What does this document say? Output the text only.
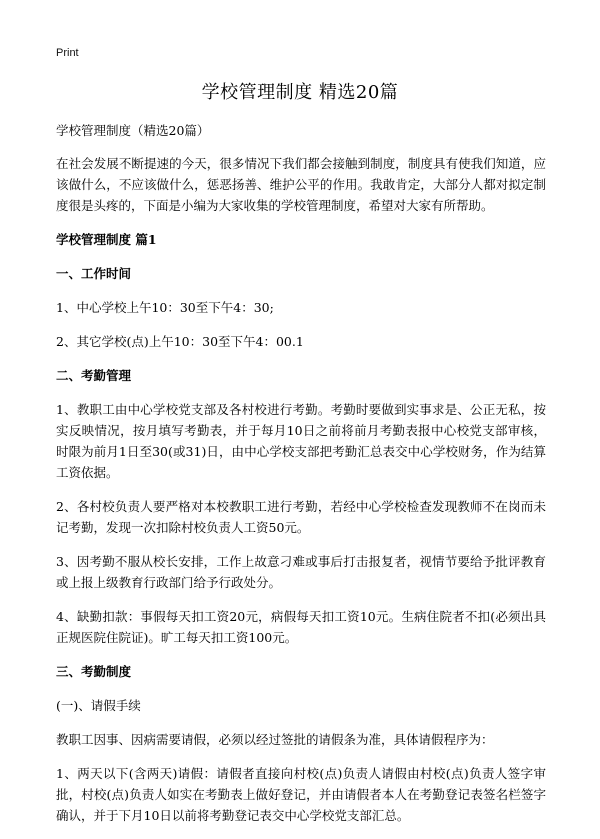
Print
学校管理制度 精选20篇

学校管理制度（精选20篇）

在社会发展不断提速的今天，很多情况下我们都会接触到制度，制度具有使我们知道，应该做什么，不应该做什么，惩恶扬善、维护公平的作用。我敢肯定，大部分人都对拟定制度很是头疼的，下面是小编为大家收集的学校管理制度，希望对大家有所帮助。

学校管理制度 篇1

一、工作时间

1、中心学校上午10：30至下午4：30;

2、其它学校(点)上午10：30至下午4：00.1

二、考勤管理

1、教职工由中心学校党支部及各村校进行考勤。考勤时要做到实事求是、公正无私，按实反映情况，按月填写考勤表，并于每月10日之前将前月考勤表报中心校党支部审核，时限为前月1日至30(或31)日，由中心学校支部把考勤汇总表交中心学校财务，作为结算工资依据。

2、各村校负责人要严格对本校教职工进行考勤，若经中心学校检查发现教师不在岗而未记考勤，发现一次扣除村校负责人工资50元。

3、因考勤不服从校长安排，工作上故意刁难或事后打击报复者，视情节要给予批评教育或上报上级教育行政部门给予行政处分。

4、缺勤扣款：事假每天扣工资20元，病假每天扣工资10元。生病住院者不扣(必须出具正规医院住院证)。旷工每天扣工资100元。

三、考勤制度

(一)、请假手续

教职工因事、因病需要请假，必须以经过签批的请假条为准，具体请假程序为：

1、两天以下(含两天)请假：请假者直接向村校(点)负责人请假由村校(点)负责人签字审批，村校(点)负责人如实在考勤表上做好登记，并由请假者本人在考勤登记表签名栏签字确认，并于下月10日以前将考勤登记表交中心学校党支部汇总。
